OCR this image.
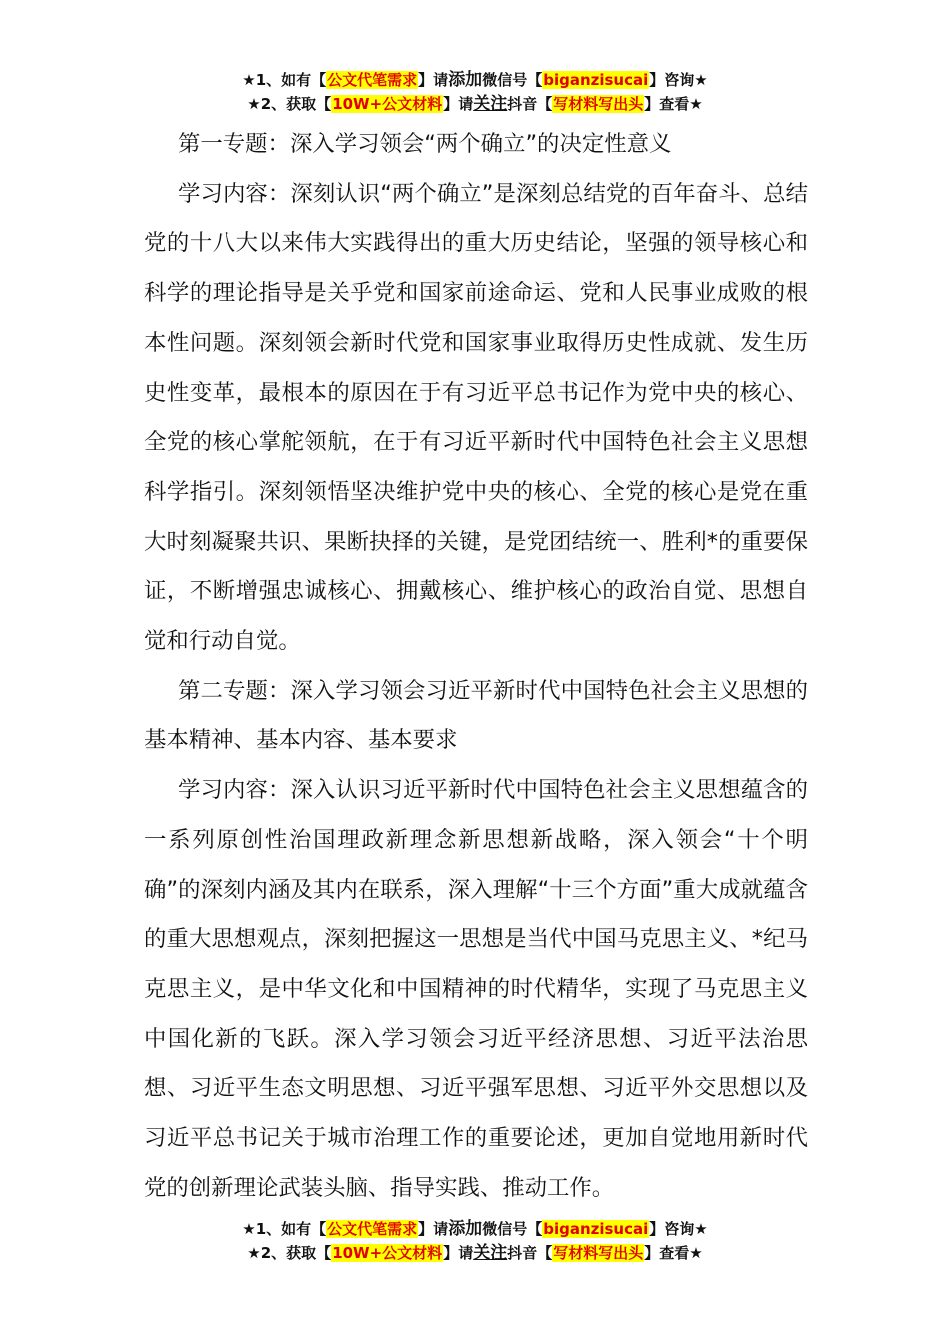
★1、如有【公文代笔需求】请添加微信号【biganzisucai】咨询★
★2、获取【10W+公文材料】请关注抖音【写材料写出头】查看★

第一专题：深入学习领会“两个确立”的决定性意义

学习内容：深刻认识“两个确立”是深刻总结党的百年奋斗、总结党的十八大以来伟大实践得出的重大历史结论，坚强的领导核心和科学的理论指导是关乎党和国家前途命运、党和人民事业成败的根本性问题。深刻领会新时代党和国家事业取得历史性成就、发生历史性变革，最根本的原因在于有习近平总书记作为党中央的核心、全党的核心掌舵领航，在于有习近平新时代中国特色社会主义思想科学指引。深刻领悟坚决维护党中央的核心、全党的核心是党在重大时刻凝聚共识、果断抉择的关键，是党团结统一、胜利*的重要保证，不断增强忠诚核心、拥戴核心、维护核心的政治自觉、思想自觉和行动自觉。

第二专题：深入学习领会习近平新时代中国特色社会主义思想的基本精神、基本内容、基本要求

学习内容：深入认识习近平新时代中国特色社会主义思想蕴含的一系列原创性治国理政新理念新思想新战略，深入领会“十个明确”的深刻内涵及其内在联系，深入理解“十三个方面”重大成就蕴含的重大思想观点，深刻把握这一思想是当代中国马克思主义、*纪马克思主义，是中华文化和中国精神的时代精华，实现了马克思主义中国化新的飞跃。深入学习领会习近平经济思想、习近平法治思想、习近平生态文明思想、习近平强军思想、习近平外交思想以及习近平总书记关于城市治理工作的重要论述，更加自觉地用新时代党的创新理论武装头脑、指导实践、推动工作。

★1、如有【公文代笔需求】请添加微信号【biganzisucai】咨询★
★2、获取【10W+公文材料】请关注抖音【写材料写出头】查看★
